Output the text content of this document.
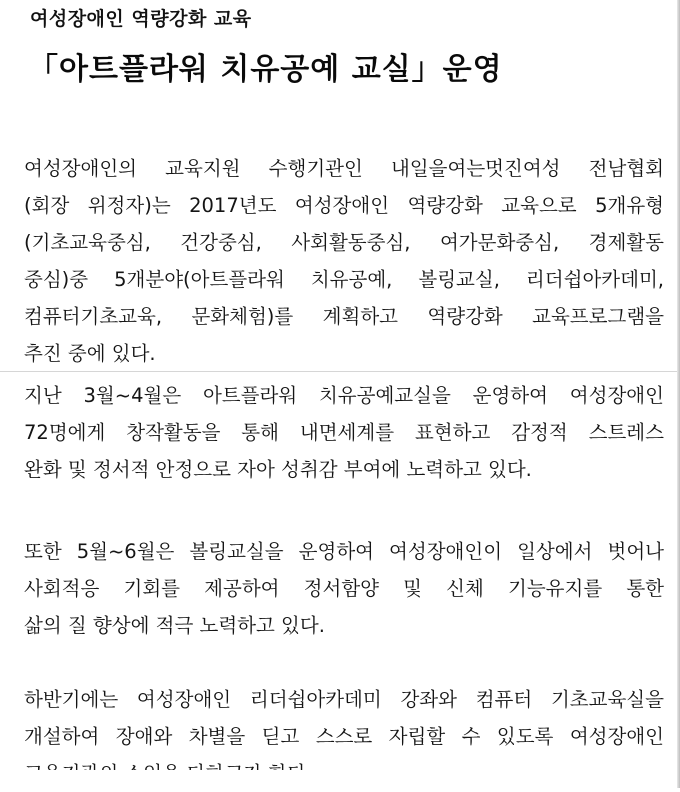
여성장애인 역량강화 교육
「아트플라워 치유공예 교실」운영
여성장애인의 교육지원 수행기관인 내일을여는멋진여성 전남협회
(회장 위정자)는 2017년도 여성장애인 역량강화 교육으로 5개유형
(기초교육중심, 건강중심, 사회활동중심, 여가문화중심, 경제활동
중심)중 5개분야(아트플라워 치유공예, 볼링교실, 리더쉽아카데미,
컴퓨터기초교육, 문화체험)를 계획하고 역량강화 교육프로그램을
추진 중에 있다.
지난 3월~4월은 아트플라워 치유공예교실을 운영하여 여성장애인
72명에게 창작활동을 통해 내면세계를 표현하고 감정적 스트레스
완화 및 정서적 안정으로 자아 성취감 부여에 노력하고 있다.
또한 5월~6월은 볼링교실을 운영하여 여성장애인이 일상에서 벗어나
사회적응 기회를 제공하여 정서함양 및 신체 기능유지를 통한
삶의 질 향상에 적극 노력하고 있다.
하반기에는 여성장애인 리더쉽아카데미 강좌와 컴퓨터 기초교육실을
개설하여 장애와 차별을 딛고 스스로 자립할 수 있도록 여성장애인
